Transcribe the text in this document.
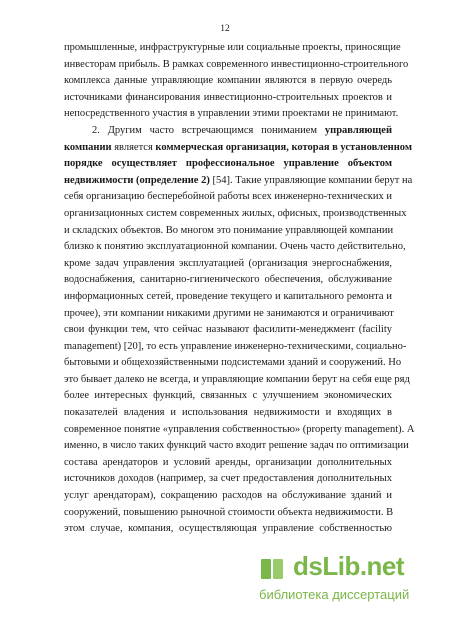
12
промышленные, инфраструктурные или социальные проекты, приносящие
инвесторам прибыль. В рамках современного инвестиционно-строительного
комплекса данные управляющие компании являются в первую очередь
источниками финансирования инвестиционно-строительных проектов и
непосредственного участия в управлении этими проектами не принимают.
2. Другим часто встречающимся пониманием управляющей
компании является коммерческая организация, которая в установленном
порядке осуществляет профессиональное управление объектом
недвижимости (определение 2) [54]. Такие управляющие компании берут на
себя организацию бесперебойной работы всех инженерно-технических и
организационных систем современных жилых, офисных, производственных
и складских объектов. Во многом это понимание управляющей компании
близко к понятию эксплуатационной компании. Очень часто действительно,
кроме задач управления эксплуатацией (организация энергоснабжения,
водоснабжения, санитарно-гигиенического обеспечения, обслуживание
информационных сетей, проведение текущего и капитального ремонта и
прочее), эти компании никакими другими не занимаются и ограничивают
свои функции тем, что сейчас называют фасилити-менеджмент (facility
management) [20], то есть управление инженерно-техническими, социально-
бытовыми и общехозяйственными подсистемами зданий и сооружений. Но
это бывает далеко не всегда, и управляющие компании берут на себя еще ряд
более интересных функций, связанных с улучшением экономических
показателей владения и использования недвижимости и входящих в
современное понятие «управления собственностью» (property management). А
именно, в число таких функций часто входит решение задач по оптимизации
состава арендаторов и условий аренды, организации дополнительных
источников доходов (например, за счет предоставления дополнительных
услуг арендаторам), сокращению расходов на обслуживание зданий и
сооружений, повышению рыночной стоимости объекта недвижимости. В
этом случае, компания, осуществляющая управление собственностью
dsLib.net
библиотека диссертаций
